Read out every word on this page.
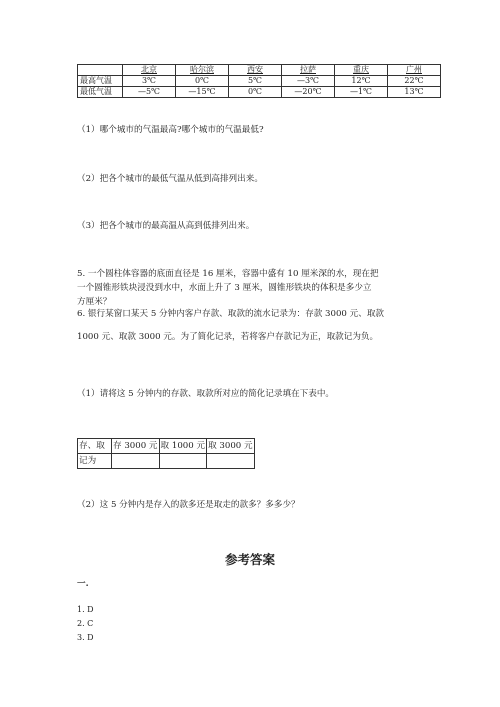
	北京	哈尔滨	西安	拉萨	重庆	广州
最高气温	3℃	0℃	5℃	—3℃	12℃	22℃
最低气温	—5℃	—15℃	0℃	—20℃	—1℃	13℃
（1）哪个城市的气温最高?哪个城市的气温最低?
（2）把各个城市的最低气温从低到高排列出来。
（3）把各个城市的最高温从高到低排列出来。
5. 一个圆柱体容器的底面直径是 16 厘米，容器中盛有 10 厘米深的水，现在把
一个圆锥形铁块浸没到水中，水面上升了 3 厘米，圆锥形铁块的体积是多少立
方厘米？
6. 银行某窗口某天 5 分钟内客户存款、取款的流水记录为：存款 3000 元、取款
1000 元、取款 3000 元。为了简化记录，若将客户存款记为正，取款记为负。
（1）请将这 5 分钟内的存款、取款所对应的简化记录填在下表中。
存、取	存 3000 元	取 1000 元	取 3000 元
记为			
（2）这 5 分钟内是存入的款多还是取走的款多？多多少？
参考答案
一.
1. D
2. C
3. D
